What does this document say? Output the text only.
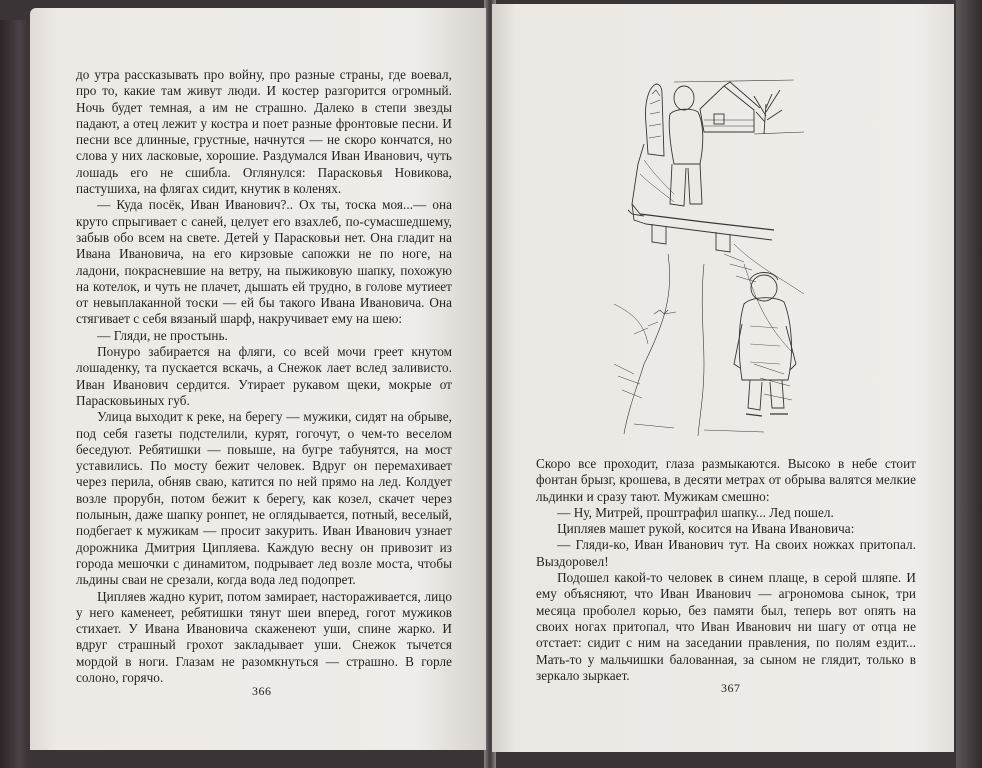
до утра рассказывать про войну, про разные страны, где воевал, про то, какие там живут люди. И костер разгорится огромный. Ночь будет темная, а им не страшно. Далеко в степи звезды падают, а отец лежит у костра и поет разные фронтовые песни. И песни все длинные, грустные, начнутся — не скоро кончатся, но слова у них ласковые, хорошие. Раздумался Иван Иванович, чуть лошадь его не сшибла. Оглянулся: Парасковья Новикова, пастушиха, на флягах сидит, кнутик в коленях.

— Куда посёк, Иван Иванович?.. Ох ты, тоска моя...— она круто спрыгивает с саней, целует его взахлеб, по-сумасшедшему, забыв обо всем на свете. Детей у Парасковьи нет. Она гладит на Ивана Ивановича, на его кирзовые сапожки не по ноге, на ладони, покрасневшие на ветру, на пыжиковую шапку, похожую на котелок, и чуть не плачет, дышать ей трудно, в голове мутиеет от невыплаканной тоски — ей бы такого Ивана Ивановича. Она стягивает с себя вязаный шарф, накручивает ему на шею:

— Гляди, не простынь.

Понуро забирается на фляги, со всей мочи греет кнутом лошаденку, та пускается вскачь, а Снежок лает вслед заливисто. Иван Иванович сердится. Утирает рукавом щеки, мокрые от Парасковьиных губ.

Улица выходит к реке, на берегу — мужики, сидят на обрыве, под себя газеты подстелили, курят, гогочут, о чем-то веселом беседуют. Ребятишки — повыше, на бугре табунятся, на мост уставились. По мосту бежит человек. Вдруг он перемахивает через перила, обняв сваю, катится по ней прямо на лед. Колдует возле прорубн, потом бежит к берегу, как козел, скачет через полынын, даже шапку ронпет, не оглядывается, потный, веселый, подбегает к мужикам — просит закурить. Иван Иванович узнает дорожника Дмитрия Ципляева. Каждую весну он привозит из города мешочки с динамитом, подрывает лед возле моста, чтобы льдины сваи не срезали, когда вода лед подопрет.

Ципляев жадно курит, потом замирает, настораживается, лицо у него каменеет, ребятишки тянут шеи вперед, гогот мужиков стихает. У Ивана Ивановича скаженеют уши, спине жарко. И вдруг страшный грохот закладывает уши. Снежок тычется мордой в ноги. Глазам не разомкнуться — страшно. В горле солоно, горячо.

366

Скоро все проходит, глаза размыкаются. Высоко в небе стоит фонтан брызг, крошева, в десяти метрах от обрыва валятся мелкие льдинки и сразу тают. Мужикам смешно:

— Ну, Митрей, проштрафил шапку... Лед пошел.

Ципляев машет рукой, косится на Ивана Ивановича:

— Гляди-ко, Иван Иванович тут. На своих ножках притопал. Выздоровел!

Подошел какой-то человек в синем плаще, в серой шляпе. И ему объясняют, что Иван Иванович — агрономова сынок, три месяца проболел корью, без памяти был, теперь вот опять на своих ногах притопал, что Иван Иванович ни шагу от отца не отстает: сидит с ним на заседании правления, по полям ездит... Мать-то у мальчишки балованная, за сыном не глядит, только в зеркало зыркает.

367
